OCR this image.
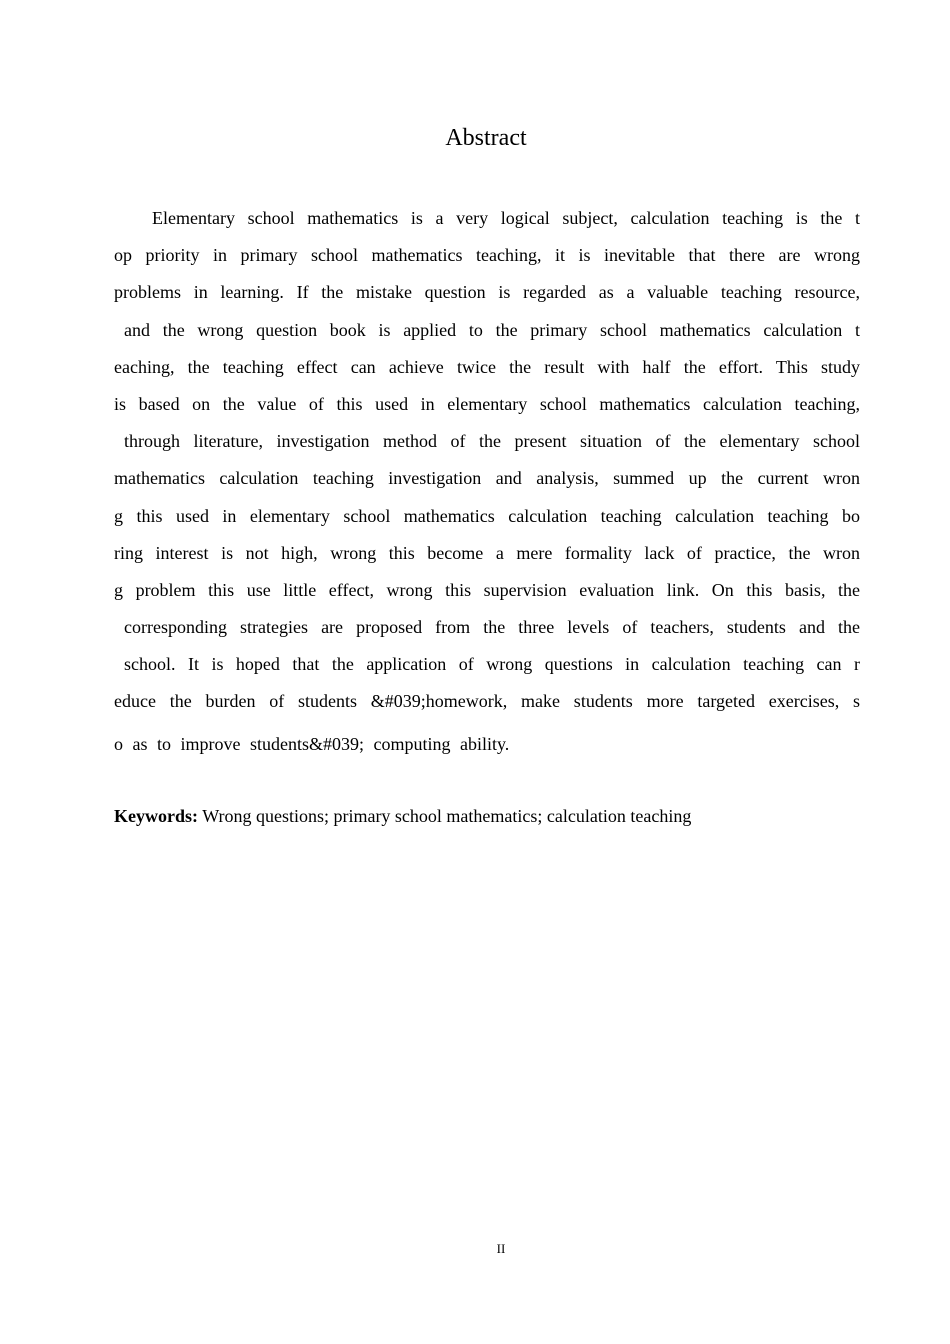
Abstract
Elementary school mathematics is a very logical subject, calculation teaching is the t
op priority in primary school mathematics teaching, it is inevitable that there are wrong
problems in learning. If the mistake question is regarded as a valuable teaching resource,
and the wrong question book is applied to the primary school mathematics calculation t
eaching, the teaching effect can achieve twice the result with half the effort. This study
is based on the value of this used in elementary school mathematics calculation teaching,
through literature, investigation method of the present situation of the elementary school
mathematics calculation teaching investigation and analysis, summed up the current wron
g this used in elementary school mathematics calculation teaching calculation teaching bo
ring interest is not high, wrong this become a mere formality lack of practice, the wron
g problem this use little effect, wrong this supervision evaluation link. On this basis, the
corresponding strategies are proposed from the three levels of teachers, students and the
school. It is hoped that the application of wrong questions in calculation teaching can r
educe the burden of students &#039;homework, make students more targeted exercises, s
o as to improve students&#039; computing ability.
Keywords: Wrong questions; primary school mathematics; calculation teaching
II
